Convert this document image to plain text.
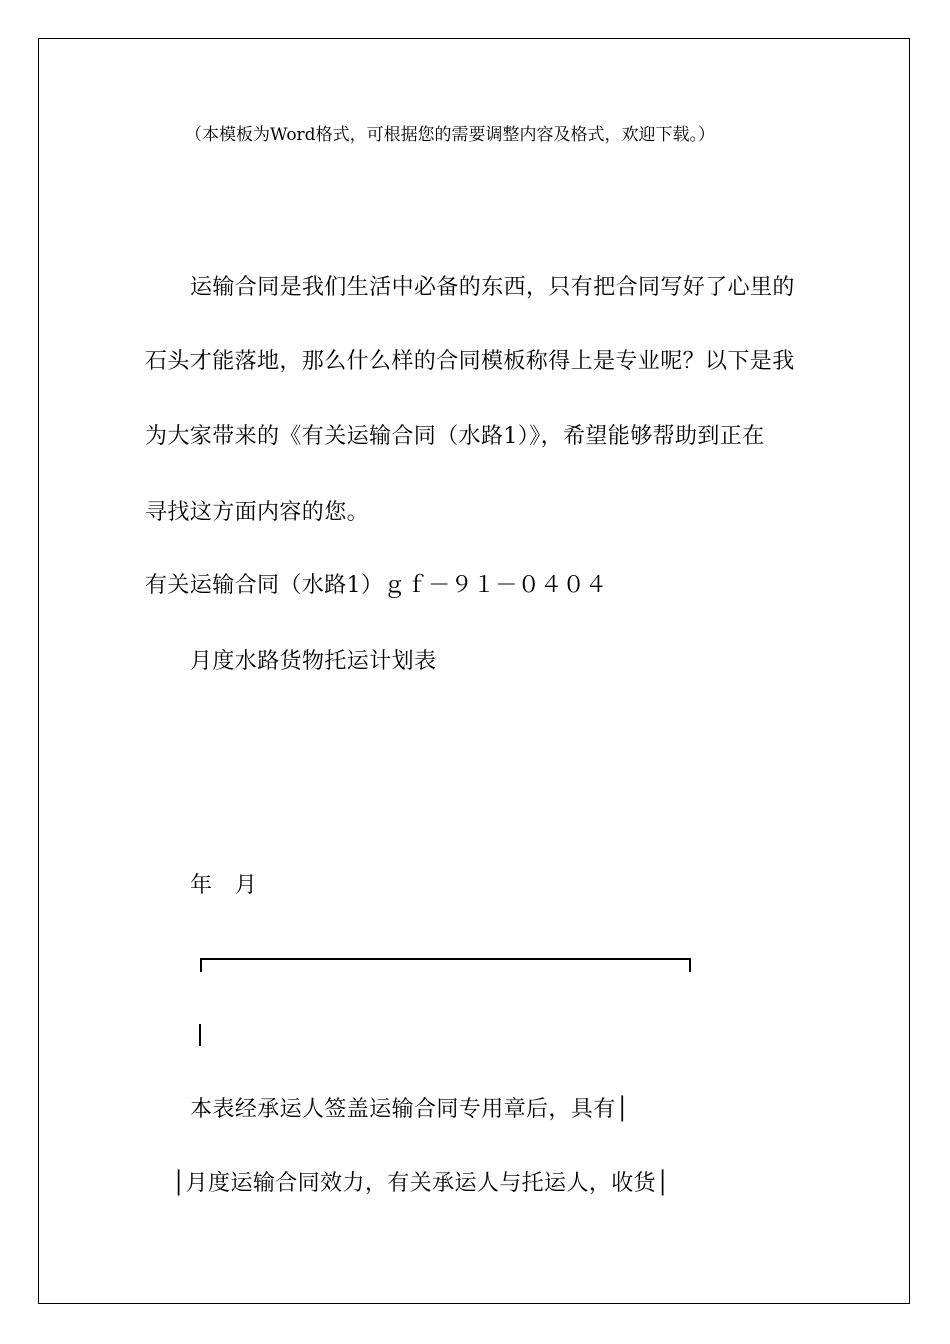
（本模板为Word格式，可根据您的需要调整内容及格式，欢迎下载。）
运输合同是我们生活中必备的东西，只有把合同写好了心里的
石头才能落地，那么什么样的合同模板称得上是专业呢？以下是我
为大家带来的《有关运输合同（水路1）》，希望能够帮助到正在
寻找这方面内容的您。
有关运输合同（水路1）ｇｆ－９１－０４０４
月度水路货物托运计划表
年　月
本表经承运人签盖运输合同专用章后，具有│
│月度运输合同效力，有关承运人与托运人，收货│
